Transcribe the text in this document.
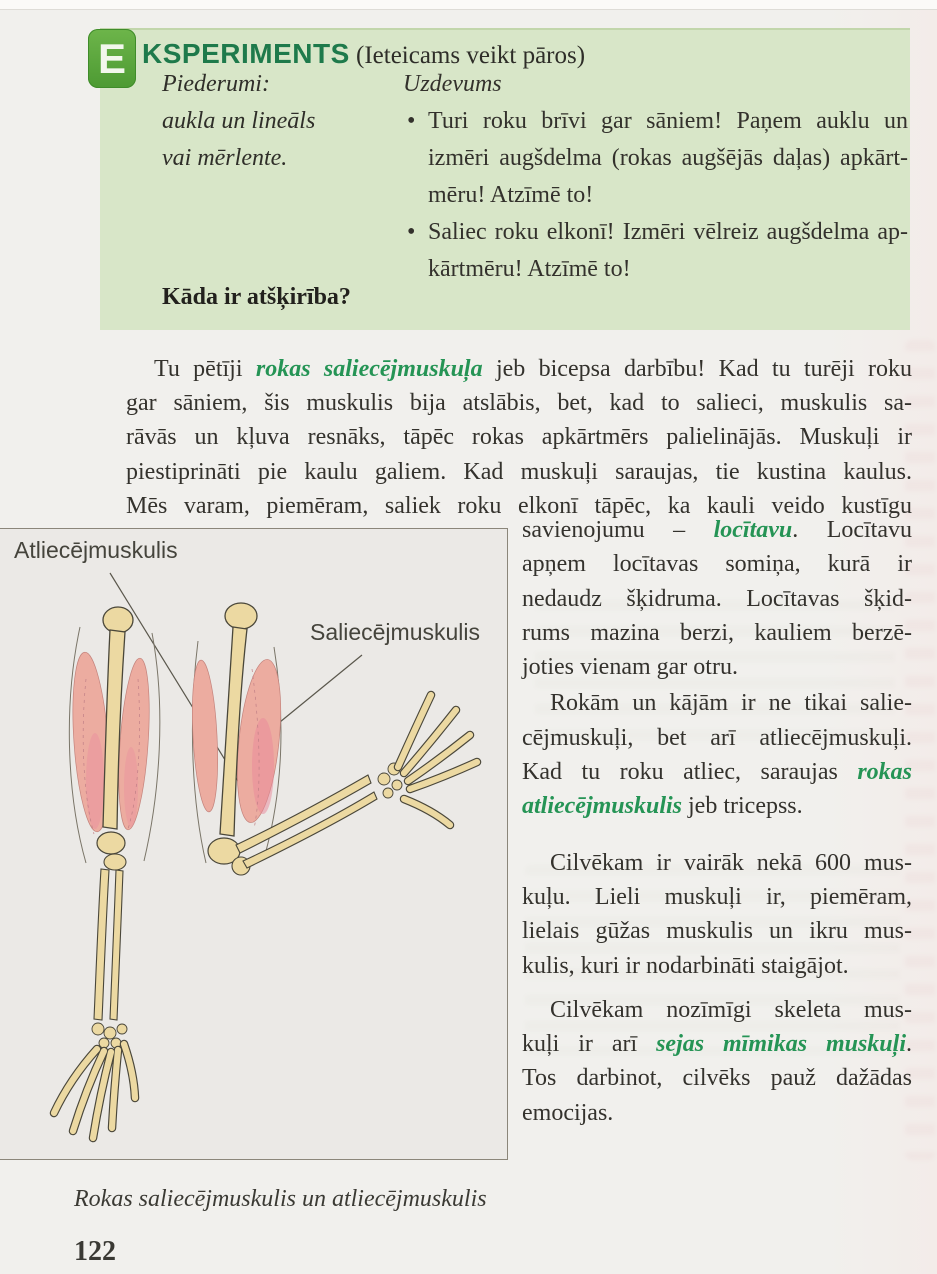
E KSPERIMENTS (Ieteicams veikt pāros)
Piederumi:
aukla un lineāls
vai mērlente.
Uzdevums
• Turi roku brīvi gar sāniem! Paņem auklu un
izmēri augšdelma (rokas augšējās daļas) apkārt-
mēru! Atzīmē to!
• Saliec roku elkonī! Izmēri vēlreiz augšdelma ap-
kārtmēru! Atzīmē to!
Kāda ir atšķirība?
Tu pētīji rokas saliecējmuskuļa jeb bicepsa darbību! Kad tu turēji roku
gar sāniem, šis muskulis bija atslābis, bet, kad to salieci, muskulis sa-
rāvās un kļuva resnāks, tāpēc rokas apkārtmērs palielinājās. Muskuļi ir
piestiprināti pie kaulu galiem. Kad muskuļi saraujas, tie kustina kaulus.
Mēs varam, piemēram, saliek roku elkonī tāpēc, ka kauli veido kustīgu
savienojumu – locītavu. Locītavu
apņem locītavas somiņa, kurā ir
nedaudz šķidruma. Locītavas šķid-
rums mazina berzi, kauliem berzē-
joties vienam gar otru.
Rokām un kājām ir ne tikai salie-
cējmuskuļi, bet arī atliecējmuskuļi.
Kad tu roku atliec, saraujas rokas
atliecējmuskulis jeb tricepss.
Cilvēkam ir vairāk nekā 600 mus-
kuļu. Lieli muskuļi ir, piemēram,
lielais gūžas muskulis un ikru mus-
kulis, kuri ir nodarbināti staigājot.
Cilvēkam nozīmīgi skeleta mus-
kuļi ir arī sejas mīmikas muskuļi.
Tos darbinot, cilvēks pauž dažādas
emocijas.
Atliecējmuskulis
Saliecējmuskulis
Rokas saliecējmuskulis un atliecējmuskulis
122
